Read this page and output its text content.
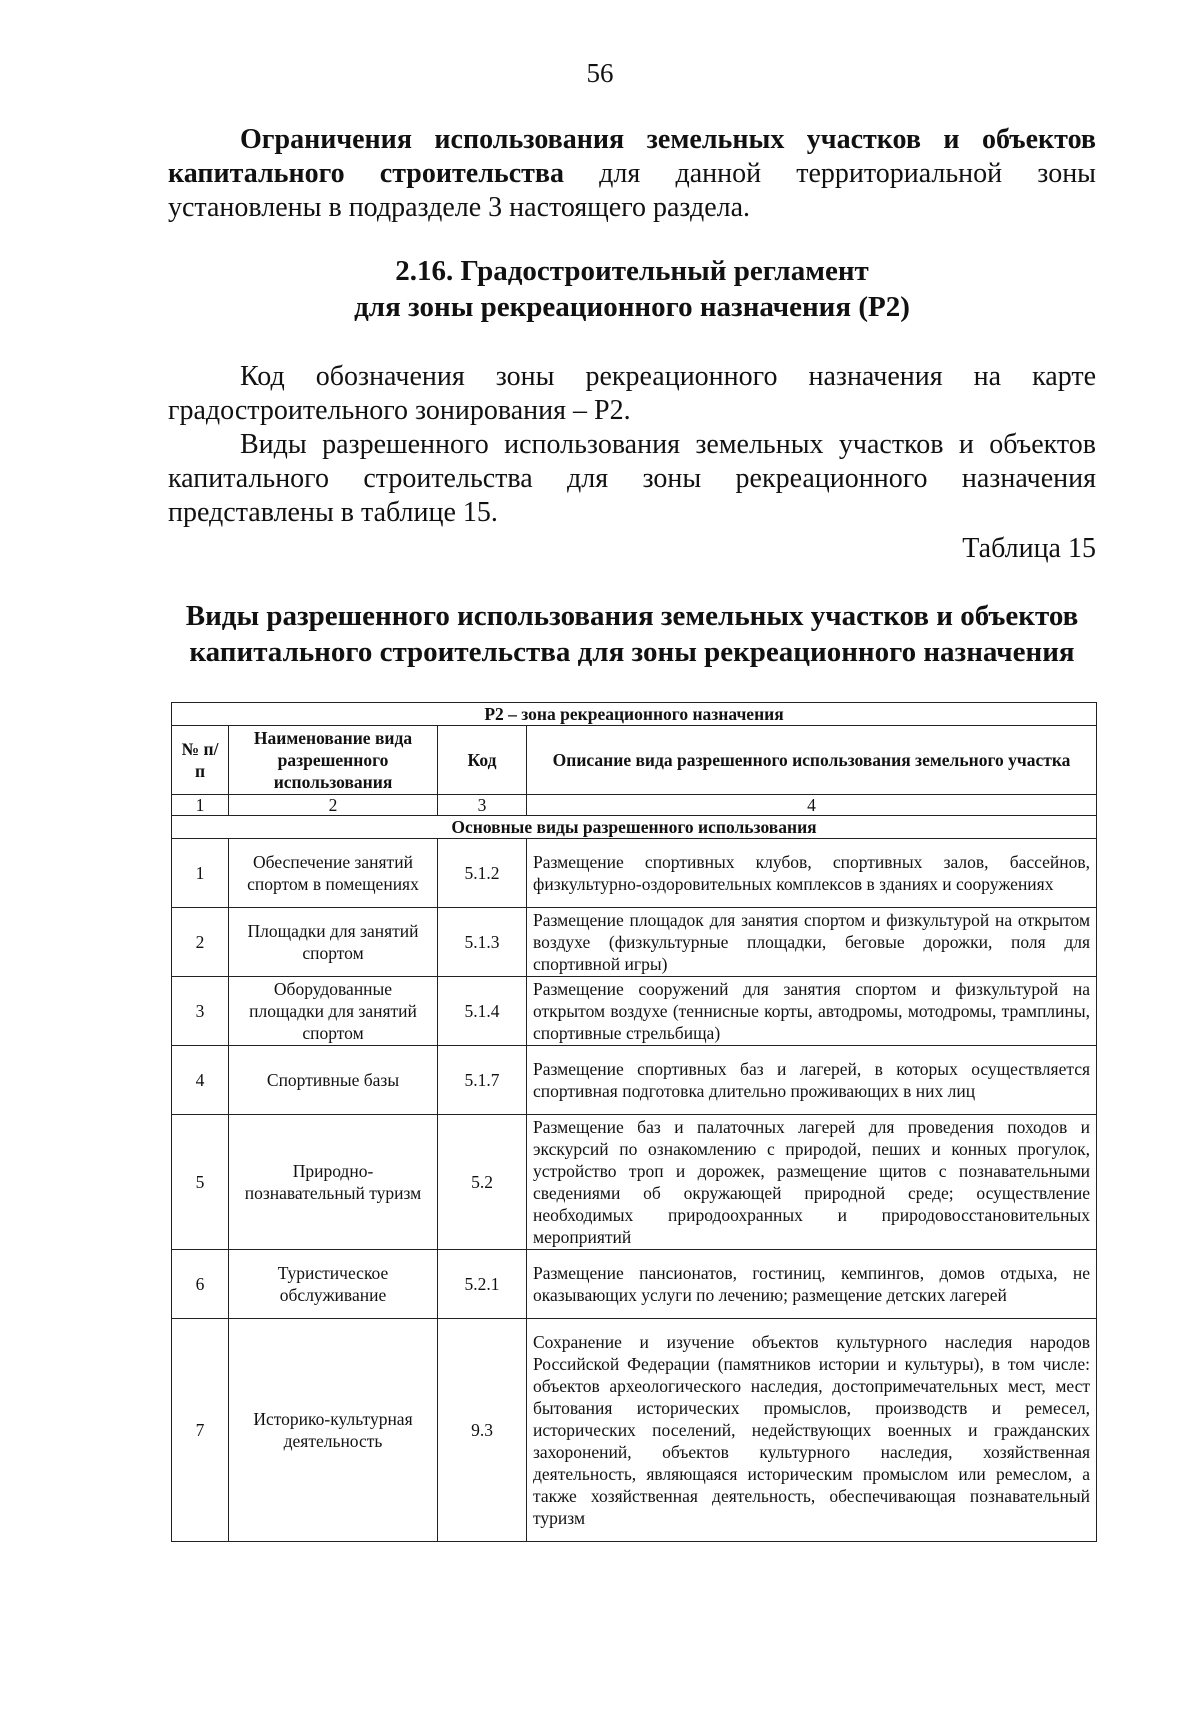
56
Ограничения использования земельных участков и объектов
капитального строительства для данной территориальной зоны
установлены в подразделе 3 настоящего раздела.
2.16. Градостроительный регламент
для зоны рекреационного назначения (Р2)
Код обозначения зоны рекреационного назначения на карте
градостроительного зонирования – Р2.
Виды разрешенного использования земельных участков и объектов
капитального строительства для зоны рекреационного назначения
представлены в таблице 15.
Таблица 15
Виды разрешенного использования земельных участков и объектов
капитального строительства для зоны рекреационного назначения
Р2 – зона рекреационного назначения			
№ п/п	Наименование вида разрешенного использования	Код	Описание вида разрешенного использования земельного участка
1	2	3	4
Основные виды разрешенного использования			
1	Обеспечение занятий спортом в помещениях	5.1.2	Размещение спортивных клубов, спортивных залов, бассейнов, физкультурно-оздоровительных комплексов в зданиях и сооружениях
2	Площадки для занятий спортом	5.1.3	Размещение площадок для занятия спортом и физкультурой на открытом воздухе (физкультурные площадки, беговые дорожки, поля для спортивной игры)
3	Оборудованные площадки для занятий спортом	5.1.4	Размещение сооружений для занятия спортом и физкультурой на открытом воздухе (теннисные корты, автодромы, мотодромы, трамплины, спортивные стрельбища)
4	Спортивные базы	5.1.7	Размещение спортивных баз и лагерей, в которых осуществляется спортивная подготовка длительно проживающих в них лиц
5	Природно-познавательный туризм	5.2	Размещение баз и палаточных лагерей для проведения походов и экскурсий по ознакомлению с природой, пеших и конных прогулок, устройство троп и дорожек, размещение щитов с познавательными сведениями об окружающей природной среде; осуществление необходимых природоохранных и природовосстановительных мероприятий
6	Туристическое обслуживание	5.2.1	Размещение пансионатов, гостиниц, кемпингов, домов отдыха, не оказывающих услуги по лечению; размещение детских лагерей
7	Историко-культурная деятельность	9.3	Сохранение и изучение объектов культурного наследия народов Российской Федерации (памятников истории и культуры), в том числе: объектов археологического наследия, достопримечательных мест, мест бытования исторических промыслов, производств и ремесел, исторических поселений, недействующих военных и гражданских захоронений, объектов культурного наследия, хозяйственная деятельность, являющаяся историческим промыслом или ремеслом, а также хозяйственная деятельность, обеспечивающая познавательный туризм
